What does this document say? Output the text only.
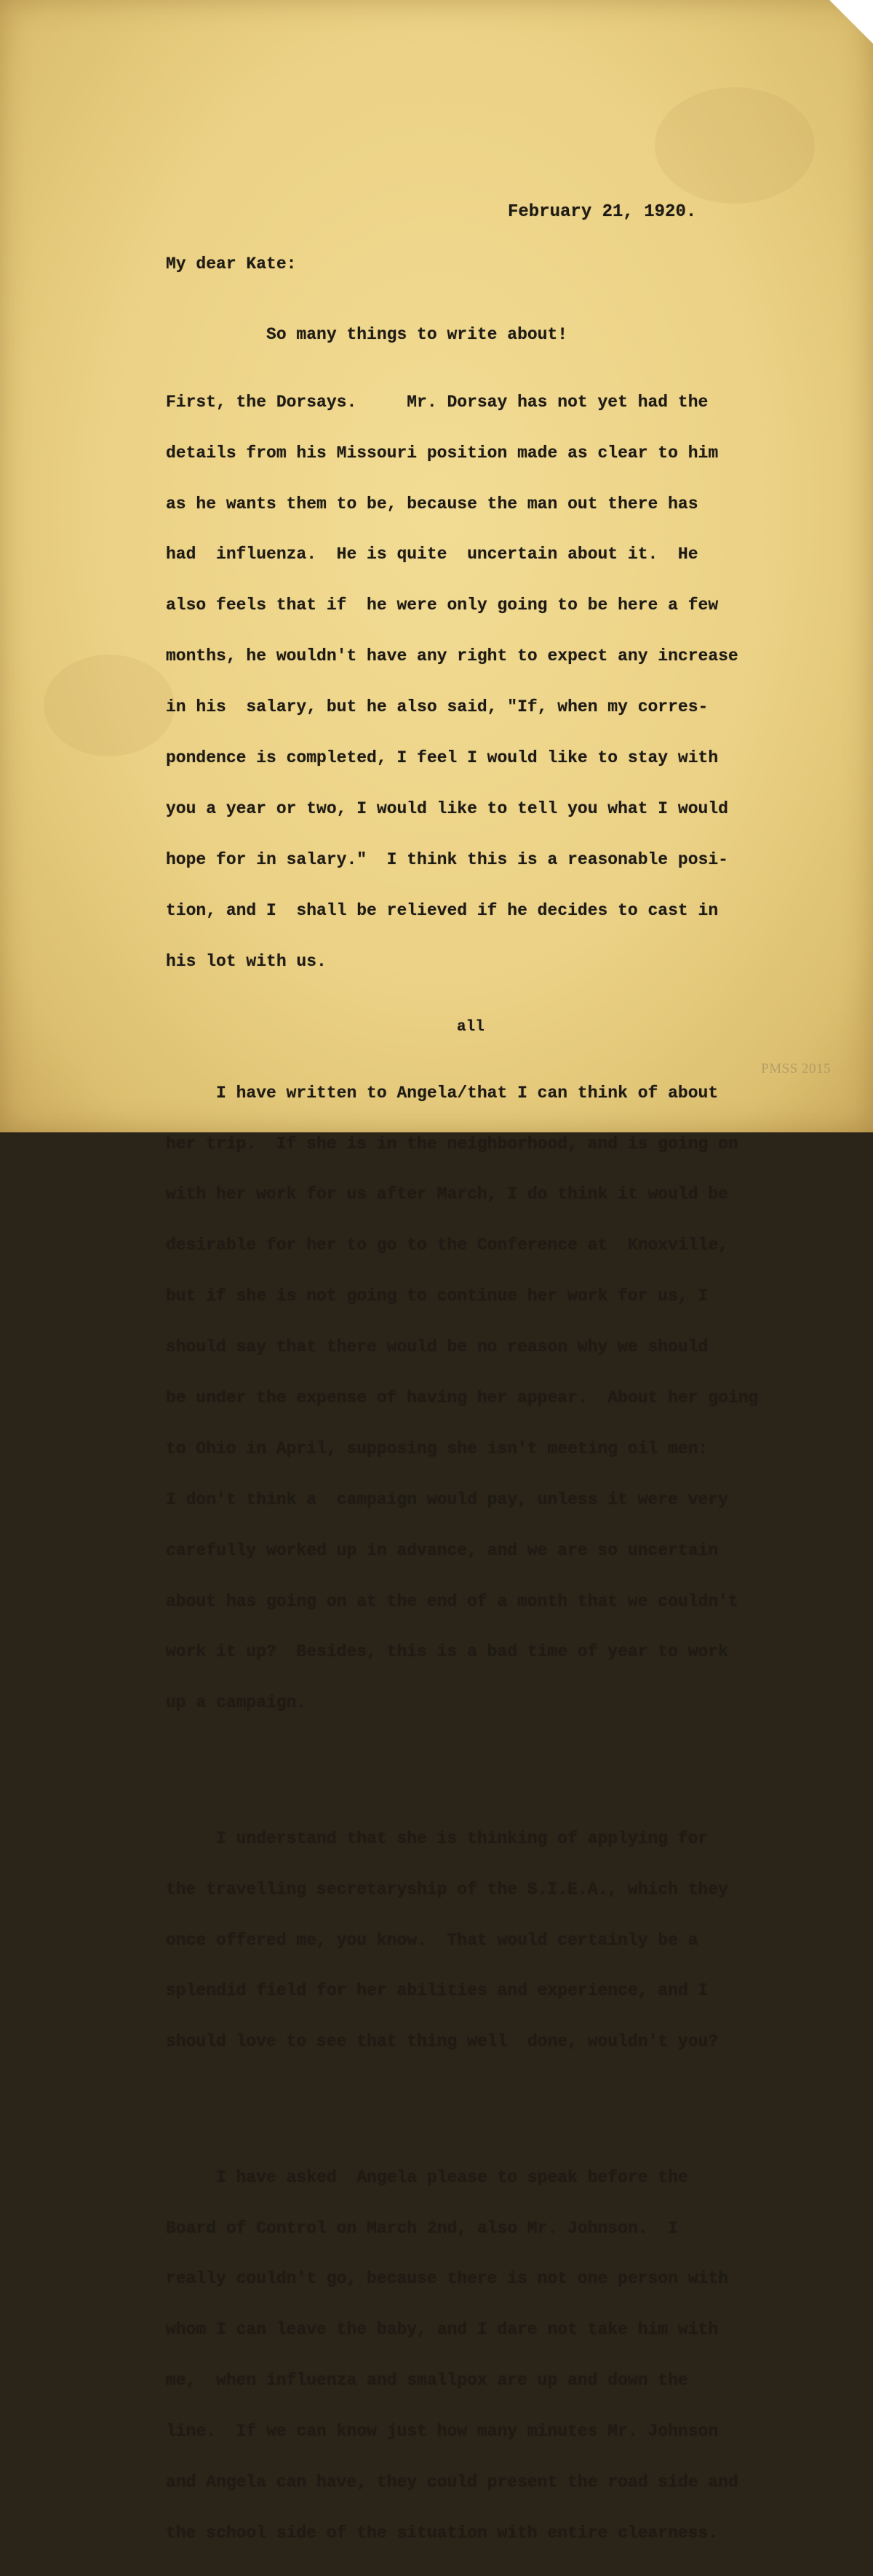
February 21, 1920.
My dear Kate:

So many things to write about!

First, the Dorsays.     Mr. Dorsay has not yet had the

details from his Missouri position made as clear to him

as he wants them to be, because the man out there has

had  influenza.  He is quite  uncertain about it.  He

also feels that if  he were only going to be here a few

months, he wouldn't have any right to expect any increase

in his  salary, but he also said, "If, when my corres-

pondence is completed, I feel I would like to stay with

you a year or two, I would like to tell you what I would

hope for in salary."  I think this is a reasonable posi-

tion, and I  shall be relieved if he decides to cast in

his lot with us.

all

I have written to Angela/that I can think of about

her trip.  If she is in the neighborhood, and is going on

with her work for us after March, I do think it would be

desirable for her to go to the Conference at  Knoxville,

but if she is not going to continue her work for us, I

should say that there would be no reason why we should

be under the expense of having her appear.  About her going

to Ohio in April, supposing she isn't meeting oil men:

I don't think a  campaign would pay, unless it were very

carefully worked up in advance, and we are so uncertain

about has going on at the end of a month that we couldn't

work it up?  Besides, this is a bad time of year to work

up a campaign.

I understand that she is thinking of applying for

the travelling secretaryship of the S.I.E.A., which they

once offered me, you know.  That would certainly be a

splendid field for her abilities and experience, and I

should love to see that thing well  done, wouldn't you?

I have asked  Angela please to speak before the

Board of Control on March 2nd, also Mr. Johnson.  I

really couldn't go, because there is not one person with

whom I can leave the baby, and I dare not take him with

me,  when influenza and smallpox are up and down the

line.  If we can know just how many minutes Mr. Johnson

and Angela can have, they could present the road side and

the school side of the situation with entire clearness.

PMSS 2015
